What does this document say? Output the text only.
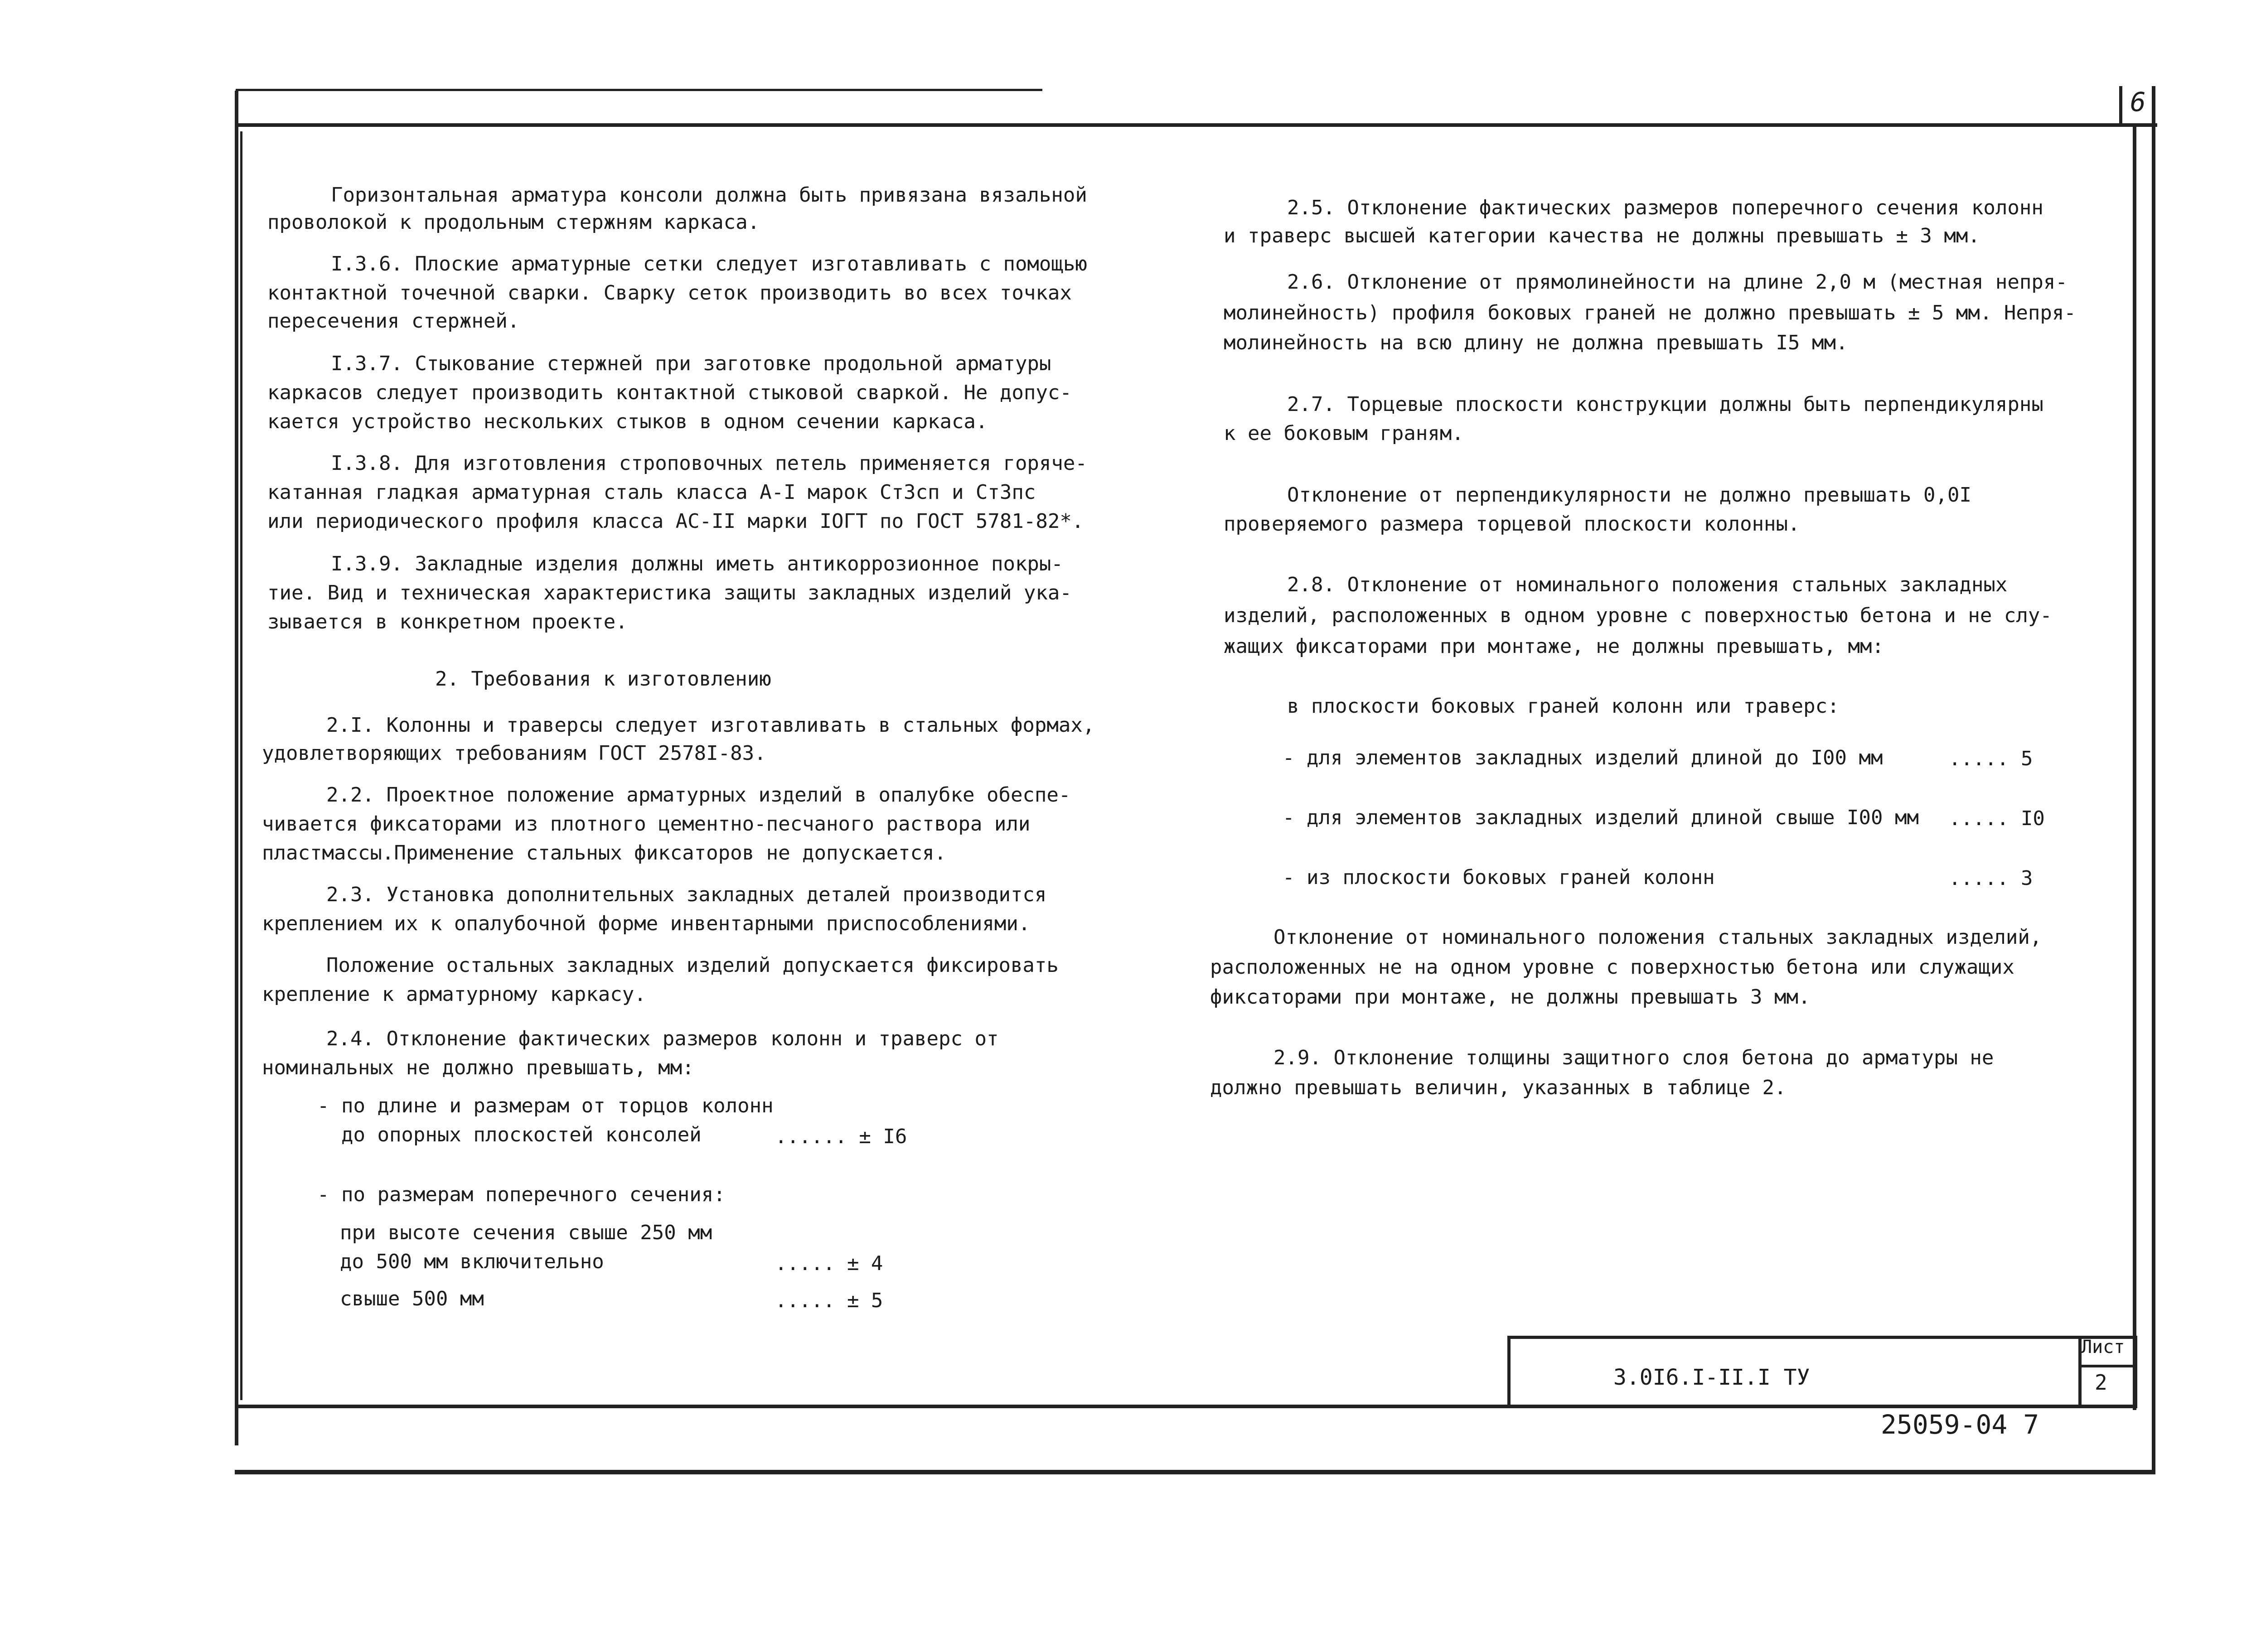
6
Горизонтальная арматура консоли должна быть привязана вязальной
проволокой к продольным стержням каркаса.
I.3.6. Плоские арматурные сетки следует изготавливать с помощью
контактной точечной сварки. Сварку сеток производить во всех точках
пересечения стержней.
I.3.7. Стыкование стержней при заготовке продольной арматуры
каркасов следует производить контактной стыковой сваркой. Не допус-
кается устройство нескольких стыков в одном сечении каркаса.
I.3.8. Для изготовления строповочных петель применяется горяче-
катанная гладкая арматурная сталь класса А-I марок Ст3сп и Ст3пс
или периодического профиля класса АС-II марки IOГТ по ГОСТ 5781-82*.
I.3.9. Закладные изделия должны иметь антикоррозионное покры-
тие. Вид и техническая характеристика защиты закладных изделий ука-
зывается в конкретном проекте.
2. Требования к изготовлению
2.I. Колонны и траверсы следует изготавливать в стальных формах,
удовлетворяющих требованиям ГОСТ 2578I-83.
2.2. Проектное положение арматурных изделий в опалубке обеспе-
чивается фиксаторами из плотного цементно-песчаного раствора или
пластмассы.Применение стальных фиксаторов не допускается.
2.3. Установка дополнительных закладных деталей производится
креплением их к опалубочной форме инвентарными приспособлениями.
Положение остальных закладных изделий допускается фиксировать
крепление к арматурному каркасу.
2.4. Отклонение фактических размеров колонн и траверс от
номинальных не должно превышать, мм:
- по длине и размерам от торцов колонн
до опорных плоскостей консолей	...... ± I6
- по размерам поперечного сечения:
при высоте сечения свыше 250 мм
до 500 мм включительно	..... ± 4
свыше 500 мм	..... ± 5
2.5. Отклонение фактических размеров поперечного сечения колонн
и траверс высшей категории качества не должны превышать ± 3 мм.
2.6. Отклонение от прямолинейности на длине 2,0 м (местная непря-
молинейность) профиля боковых граней не должно превышать ± 5 мм. Непря-
молинейность на всю длину не должна превышать I5 мм.
2.7. Торцевые плоскости конструкции должны быть перпендикулярны
к ее боковым граням.
Отклонение от перпендикулярности не должно превышать 0,0I
проверяемого размера торцевой плоскости колонны.
2.8. Отклонение от номинального положения стальных закладных
изделий, расположенных в одном уровне с поверхностью бетона и не слу-
жащих фиксаторами при монтаже, не должны превышать, мм:
в плоскости боковых граней колонн или траверс:
- для элементов закладных изделий длиной до I00 мм	..... 5
- для элементов закладных изделий длиной свыше I00 мм ..... I0
- из плоскости боковых граней колонн	..... 3
Отклонение от номинального положения стальных закладных изделий,
расположенных не на одном уровне с поверхностью бетона или служащих
фиксаторами при монтаже, не должны превышать 3 мм.
2.9. Отклонение толщины защитного слоя бетона до арматуры не
должно превышать величин, указанных в таблице 2.
3.0I6.I-II.I ТУ
Лист
2
25059-04 7
